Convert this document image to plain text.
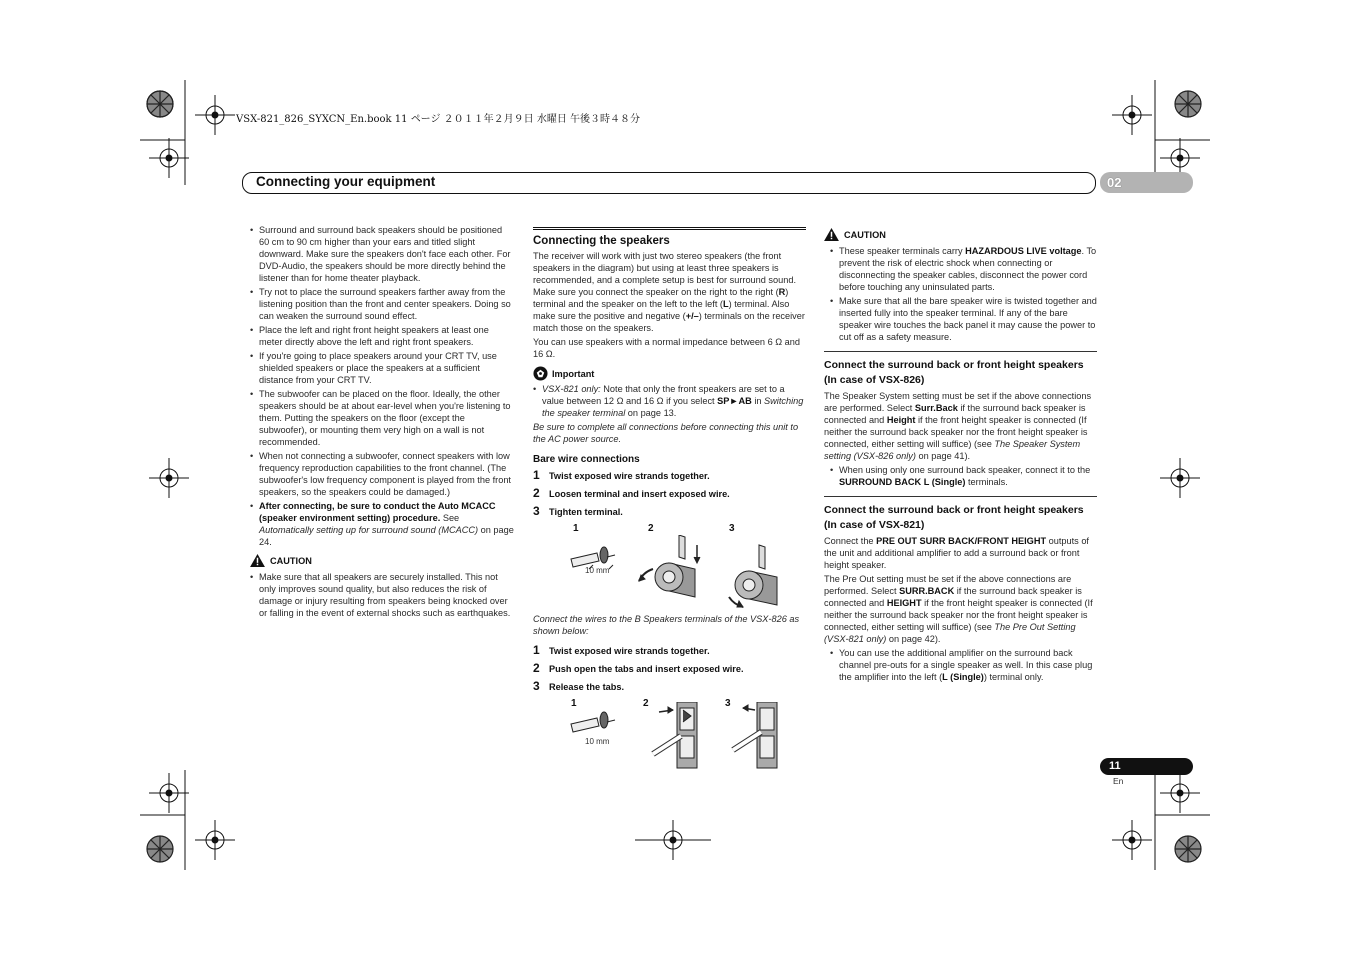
VSX-821_826_SYXCN_En.book 11 ページ ２０１１年２月９日 水曜日 午後３時４８分
Connecting your equipment	02
11
En
• Surround and surround back speakers should be positioned 60 cm to 90 cm higher than your ears and titled slight downward. Make sure the speakers don't face each other. For DVD-Audio, the speakers should be more directly behind the listener than for home theater playback.
• Try not to place the surround speakers farther away from the listening position than the front and center speakers. Doing so can weaken the surround sound effect.
• Place the left and right front height speakers at least one meter directly above the left and right front speakers.
• If you're going to place speakers around your CRT TV, use shielded speakers or place the speakers at a sufficient distance from your CRT TV.
• The subwoofer can be placed on the floor. Ideally, the other speakers should be at about ear-level when you're listening to them. Putting the speakers on the floor (except the subwoofer), or mounting them very high on a wall is not recommended.
• When not connecting a subwoofer, connect speakers with low frequency reproduction capabilities to the front channel. (The subwoofer's low frequency component is played from the front speakers, so the speakers could be damaged.)
• After connecting, be sure to conduct the Auto MCACC (speaker environment setting) procedure. See Automatically setting up for surround sound (MCACC) on page 24.
CAUTION
• Make sure that all speakers are securely installed. This not only improves sound quality, but also reduces the risk of damage or injury resulting from speakers being knocked over or falling in the event of external shocks such as earthquakes.
Connecting the speakers

The receiver will work with just two stereo speakers (the front speakers in the diagram) but using at least three speakers is recommended, and a complete setup is best for surround sound.

Make sure you connect the speaker on the right to the right (R) terminal and the speaker on the left to the left (L) terminal. Also make sure the positive and negative (+/–) terminals on the receiver match those on the speakers.

You can use speakers with a normal impedance between 6 Ω and 16 Ω.

Important
• VSX-821 only: Note that only the front speakers are set to a value between 12 Ω and 16 Ω if you select SP►AB in Switching the speaker terminal on page 13.

Be sure to complete all connections before connecting this unit to the AC power source.

Bare wire connections
1	Twist exposed wire strands together.
2	Loosen terminal and insert exposed wire.
3	Tighten terminal.
1	2	3
10 mm

Connect the wires to the B Speakers terminals of the VSX-826 as shown below:

1	Twist exposed wire strands together.
2	Push open the tabs and insert exposed wire.
3	Release the tabs.
1	2	3
10 mm
CAUTION
• These speaker terminals carry HAZARDOUS LIVE voltage. To prevent the risk of electric shock when connecting or disconnecting the speaker cables, disconnect the power cord before touching any uninsulated parts.
• Make sure that all the bare speaker wire is twisted together and inserted fully into the speaker terminal. If any of the bare speaker wire touches the back panel it may cause the power to cut off as a safety measure.
Connect the surround back or front height speakers (In case of VSX-826)

The Speaker System setting must be set if the above connections are performed. Select Surr.Back if the surround back speaker is connected and Height if the front height speaker is connected (If neither the surround back speaker nor the front height speaker is connected, either setting will suffice) (see The Speaker System setting (VSX-826 only) on page 41).

• When using only one surround back speaker, connect it to the SURROUND BACK L (Single) terminals.
Connect the surround back or front height speakers (In case of VSX-821)

Connect the PRE OUT SURR BACK/FRONT HEIGHT outputs of the unit and additional amplifier to add a surround back or front height speaker.

The Pre Out setting must be set if the above connections are performed. Select SURR.BACK if the surround back speaker is connected and HEIGHT if the front height speaker is connected (If neither the surround back speaker nor the front height speaker is connected, either setting will suffice) (see The Pre Out Setting (VSX-821 only) on page 42).

• You can use the additional amplifier on the surround back channel pre-outs for a single speaker as well. In this case plug the amplifier into the left (L (Single)) terminal only.
